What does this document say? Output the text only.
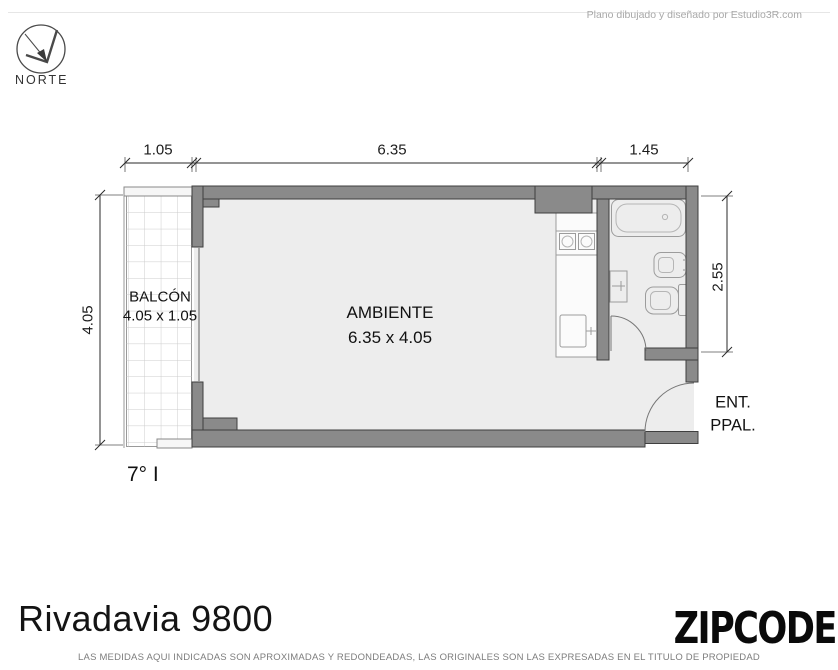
NORTE
Plano dibujado y diseñado por Estudio3R.com
1.05	6.35	1.45
4.05
2.55
BALCÓN
4.05 x 1.05	AMBIENTE
6.35 x 4.05
ENT.
PPAL.
7° I
Rivadavia 9800	ZIPCODE
LAS MEDIDAS AQUI INDICADAS SON APROXIMADAS Y REDONDEADAS, LAS ORIGINALES SON LAS EXPRESADAS EN EL TITULO DE PROPIEDAD
